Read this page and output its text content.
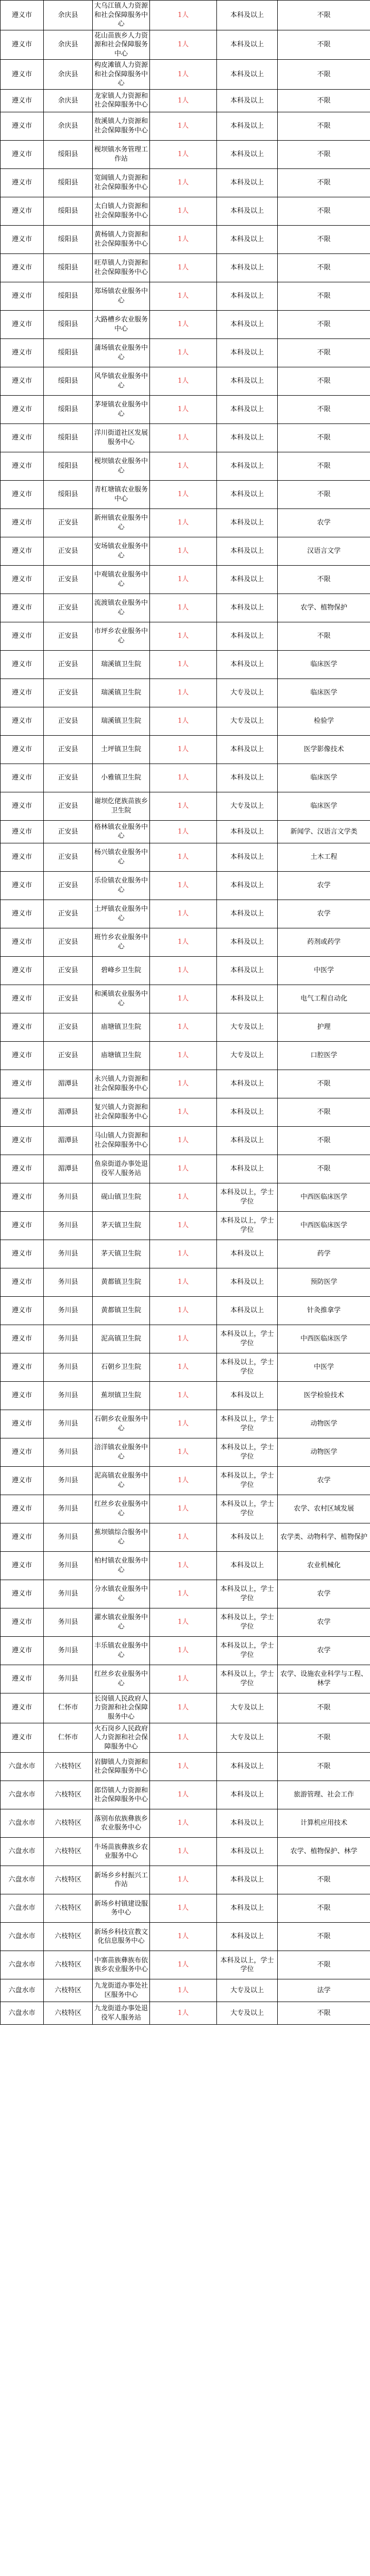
遵义市	余庆县	大乌江镇人力资源和社会保障服务中心	1人	本科及以上	不限
遵义市	余庆县	花山苗族乡人力资源和社会保障服务中心	1人	本科及以上	不限
遵义市	余庆县	构皮滩镇人力资源和社会保障服务中心	1人	本科及以上	不限
遵义市	余庆县	龙家镇人力资源和社会保障服务中心	1人	本科及以上	不限
遵义市	余庆县	敖溪镇人力资源和社会保障服务中心	1人	本科及以上	不限
遵义市	绥阳县	枧坝镇水务管理工作站	1人	本科及以上	不限
遵义市	绥阳县	宽阔镇人力资源和社会保障服务中心	1人	本科及以上	不限
遵义市	绥阳县	太白镇人力资源和社会保障服务中心	1人	本科及以上	不限
遵义市	绥阳县	黄杨镇人力资源和社会保障服务中心	1人	本科及以上	不限
遵义市	绥阳县	旺草镇人力资源和社会保障服务中心	1人	本科及以上	不限
遵义市	绥阳县	郑场镇农业服务中心	1人	本科及以上	不限
遵义市	绥阳县	大路槽乡农业服务中心	1人	本科及以上	不限
遵义市	绥阳县	蒲场镇农业服务中心	1人	本科及以上	不限
遵义市	绥阳县	风华镇农业服务中心	1人	本科及以上	不限
遵义市	绥阳县	茅垭镇农业服务中心	1人	本科及以上	不限
遵义市	绥阳县	洋川街道社区发展服务中心	1人	本科及以上	不限
遵义市	绥阳县	枧坝镇农业服务中心	1人	本科及以上	不限
遵义市	绥阳县	青杠塘镇农业服务中心	1人	本科及以上	不限
遵义市	正安县	新州镇农业服务中心	1人	本科及以上	农学
遵义市	正安县	安场镇农业服务中心	1人	本科及以上	汉语言文学
遵义市	正安县	中观镇农业服务中心	1人	本科及以上	不限
遵义市	正安县	流渡镇农业服务中心	1人	本科及以上	农学、植物保护
遵义市	正安县	市坪乡农业服务中心	1人	本科及以上	不限
遵义市	正安县	瑞溪镇卫生院	1人	本科及以上	临床医学
遵义市	正安县	瑞溪镇卫生院	1人	大专及以上	临床医学
遵义市	正安县	瑞溪镇卫生院	1人	大专及以上	检验学
遵义市	正安县	土坪镇卫生院	1人	本科及以上	医学影像技术
遵义市	正安县	小雅镇卫生院	1人	本科及以上	临床医学
遵义市	正安县	谢坝仡佬族苗族乡卫生院	1人	大专及以上	临床医学
遵义市	正安县	格林镇农业服务中心	1人	本科及以上	新闻学、汉语言文学类
遵义市	正安县	杨兴镇农业服务中心	1人	本科及以上	土木工程
遵义市	正安县	乐俭镇农业服务中心	1人	本科及以上	农学
遵义市	正安县	土坪镇农业服务中心	1人	本科及以上	农学
遵义市	正安县	班竹乡农业服务中心	1人	本科及以上	药剂或药学
遵义市	正安县	碧峰乡卫生院	1人	本科及以上	中医学
遵义市	正安县	和溪镇农业服务中心	1人	本科及以上	电气工程自动化
遵义市	正安县	庙塘镇卫生院	1人	大专及以上	护理
遵义市	正安县	庙塘镇卫生院	1人	大专及以上	口腔医学
遵义市	湄潭县	永兴镇人力资源和社会保障服务中心	1人	本科及以上	不限
遵义市	湄潭县	复兴镇人力资源和社会保障服务中心	1人	本科及以上	不限
遵义市	湄潭县	马山镇人力资源和社会保障服务中心	1人	本科及以上	不限
遵义市	湄潭县	鱼泉街道办事处退役军人服务站	1人	本科及以上	不限
遵义市	务川县	砚山镇卫生院	1人	本科及以上，学士学位	中西医临床医学
遵义市	务川县	茅天镇卫生院	1人	本科及以上，学士学位	中西医临床医学
遵义市	务川县	茅天镇卫生院	1人	本科及以上	药学
遵义市	务川县	黄都镇卫生院	1人	本科及以上	预防医学
遵义市	务川县	黄都镇卫生院	1人	本科及以上	针灸推拿学
遵义市	务川县	泥高镇卫生院	1人	本科及以上，学士学位	中西医临床医学
遵义市	务川县	石朝乡卫生院	1人	本科及以上，学士学位	中医学
遵义市	务川县	蕉坝镇卫生院	1人	本科及以上	医学检验技术
遵义市	务川县	石朝乡农业服务中心	1人	本科及以上，学士学位	动物医学
遵义市	务川县	涪洋镇农业服务中心	1人	本科及以上，学士学位	动物医学
遵义市	务川县	泥高镇农业服务中心	1人	本科及以上，学士学位	农学
遵义市	务川县	红丝乡农业服务中心	1人	本科及以上，学士学位	农学、农村区域发展
遵义市	务川县	蕉坝镇综合服务中心	1人	本科及以上	农学类、动物科学、植物保护
遵义市	务川县	柏村镇农业服务中心	1人	本科及以上	农业机械化
遵义市	务川县	分水镇农业服务中心	1人	本科及以上，学士学位	农学
遵义市	务川县	濯水镇农业服务中心	1人	本科及以上，学士学位	农学
遵义市	务川县	丰乐镇农业服务中心	1人	本科及以上，学士学位	农学
遵义市	务川县	红丝乡农业服务中心	1人	本科及以上，学士学位	农学、设施农业科学与工程、林学
遵义市	仁怀市	长岗镇人民政府人力资源和社会保障服务中心	1人	大专及以上	不限
遵义市	仁怀市	火石岗乡人民政府人力资源和社会保障服务中心	1人	大专及以上	不限
六盘水市	六枝特区	岩脚镇人力资源和社会保障服务中心	1人	本科及以上	不限
六盘水市	六枝特区	郎岱镇人力资源和社会保障服务中心	1人	本科及以上	旅游管理、社会工作
六盘水市	六枝特区	落别布依族彝族乡农业服务中心	1人	本科及以上	计算机应用技术
六盘水市	六枝特区	牛场苗族彝族乡农业服务中心	1人	本科及以上	农学、植物保护、林学
六盘水市	六枝特区	新场乡乡村振兴工作站	1人	本科及以上	不限
六盘水市	六枝特区	新场乡村镇建设服务中心	1人	本科及以上	不限
六盘水市	六枝特区	新场乡科技宣教文化信息服务中心	1人	本科及以上	不限
六盘水市	六枝特区	中寨苗族彝族布依族乡农业服务中心	1人	本科及以上，学士学位	不限
六盘水市	六枝特区	九龙街道办事处社区服务中心	1人	大专及以上	法学
六盘水市	六枝特区	九龙街道办事处退役军人服务站	1人	大专及以上	不限
